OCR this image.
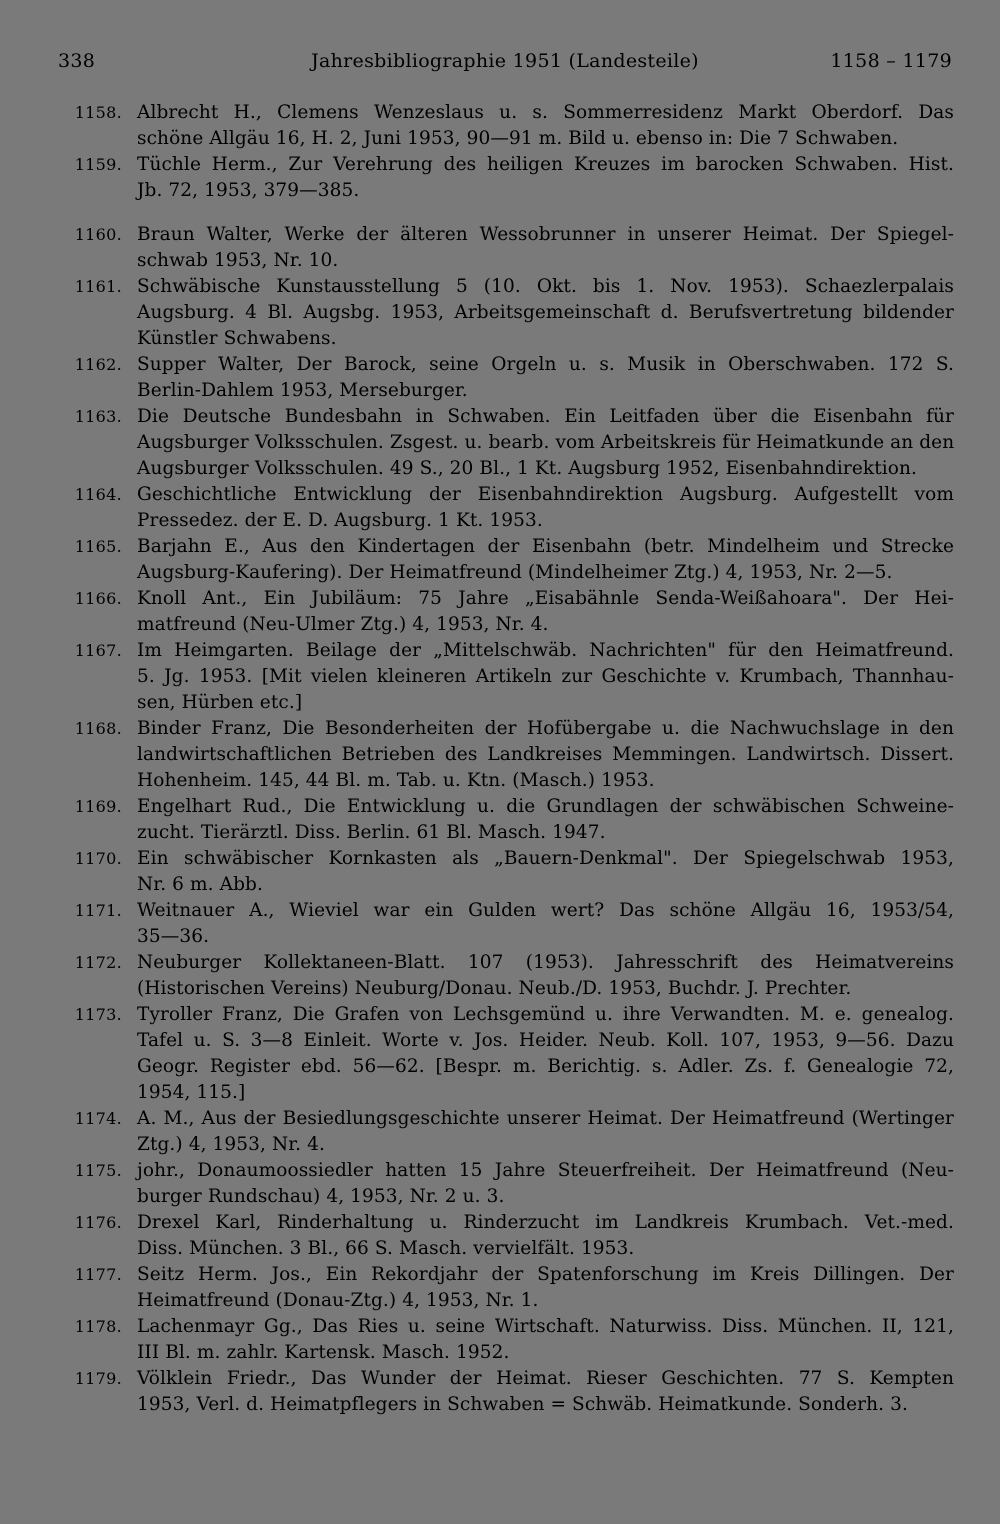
338	Jahresbibliographie 1951 (Landesteile)	1158 – 1179
1158. Albrecht H., Clemens Wenzeslaus u. s. Sommerresidenz Markt Oberdorf. Das
schöne Allgäu 16, H. 2, Juni 1953, 90—91 m. Bild u. ebenso in: Die 7 Schwaben.
1159. Tüchle Herm., Zur Verehrung des heiligen Kreuzes im barocken Schwaben. Hist.
Jb. 72, 1953, 379—385.
1160. Braun Walter, Werke der älteren Wessobrunner in unserer Heimat. Der Spiegel-
schwab 1953, Nr. 10.
1161. Schwäbische Kunstausstellung 5 (10. Okt. bis 1. Nov. 1953). Schaezlerpalais
Augsburg. 4 Bl. Augsbg. 1953, Arbeitsgemeinschaft d. Berufsvertretung bildender
Künstler Schwabens.
1162. Supper Walter, Der Barock, seine Orgeln u. s. Musik in Oberschwaben. 172 S.
Berlin-Dahlem 1953, Merseburger.
1163. Die Deutsche Bundesbahn in Schwaben. Ein Leitfaden über die Eisenbahn für
Augsburger Volksschulen. Zsgest. u. bearb. vom Arbeitskreis für Heimatkunde an den
Augsburger Volksschulen. 49 S., 20 Bl., 1 Kt. Augsburg 1952, Eisenbahndirektion.
1164. Geschichtliche Entwicklung der Eisenbahndirektion Augsburg. Aufgestellt vom
Pressedez. der E. D. Augsburg. 1 Kt. 1953.
1165. Barjahn E., Aus den Kindertagen der Eisenbahn (betr. Mindelheim und Strecke
Augsburg-Kaufering). Der Heimatfreund (Mindelheimer Ztg.) 4, 1953, Nr. 2—5.
1166. Knoll Ant., Ein Jubiläum: 75 Jahre „Eisabähnle Senda-Weißahoara". Der Hei-
matfreund (Neu-Ulmer Ztg.) 4, 1953, Nr. 4.
1167. Im Heimgarten. Beilage der „Mittelschwäb. Nachrichten" für den Heimatfreund.
5. Jg. 1953. [Mit vielen kleineren Artikeln zur Geschichte v. Krumbach, Thannhau-
sen, Hürben etc.]
1168. Binder Franz, Die Besonderheiten der Hofübergabe u. die Nachwuchslage in den
landwirtschaftlichen Betrieben des Landkreises Memmingen. Landwirtsch. Dissert.
Hohenheim. 145, 44 Bl. m. Tab. u. Ktn. (Masch.) 1953.
1169. Engelhart Rud., Die Entwicklung u. die Grundlagen der schwäbischen Schweine-
zucht. Tierärztl. Diss. Berlin. 61 Bl. Masch. 1947.
1170. Ein schwäbischer Kornkasten als „Bauern-Denkmal". Der Spiegelschwab 1953,
Nr. 6 m. Abb.
1171. Weitnauer A., Wieviel war ein Gulden wert? Das schöne Allgäu 16, 1953/54,
35—36.
1172. Neuburger Kollektaneen-Blatt. 107 (1953). Jahresschrift des Heimatvereins
(Historischen Vereins) Neuburg/Donau. Neub./D. 1953, Buchdr. J. Prechter.
1173. Tyroller Franz, Die Grafen von Lechsgemünd u. ihre Verwandten. M. e. genealog.
Tafel u. S. 3—8 Einleit. Worte v. Jos. Heider. Neub. Koll. 107, 1953, 9—56. Dazu
Geogr. Register ebd. 56—62. [Bespr. m. Berichtig. s. Adler. Zs. f. Genealogie 72,
1954, 115.]
1174. A. M., Aus der Besiedlungsgeschichte unserer Heimat. Der Heimatfreund (Wertinger
Ztg.) 4, 1953, Nr. 4.
1175. johr., Donaumoossiedler hatten 15 Jahre Steuerfreiheit. Der Heimatfreund (Neu-
burger Rundschau) 4, 1953, Nr. 2 u. 3.
1176. Drexel Karl, Rinderhaltung u. Rinderzucht im Landkreis Krumbach. Vet.-med.
Diss. München. 3 Bl., 66 S. Masch. vervielfält. 1953.
1177. Seitz Herm. Jos., Ein Rekordjahr der Spatenforschung im Kreis Dillingen. Der
Heimatfreund (Donau-Ztg.) 4, 1953, Nr. 1.
1178. Lachenmayr Gg., Das Ries u. seine Wirtschaft. Naturwiss. Diss. München. II, 121,
III Bl. m. zahlr. Kartensk. Masch. 1952.
1179. Völklein Friedr., Das Wunder der Heimat. Rieser Geschichten. 77 S. Kempten
1953, Verl. d. Heimatpflegers in Schwaben = Schwäb. Heimatkunde. Sonderh. 3.
